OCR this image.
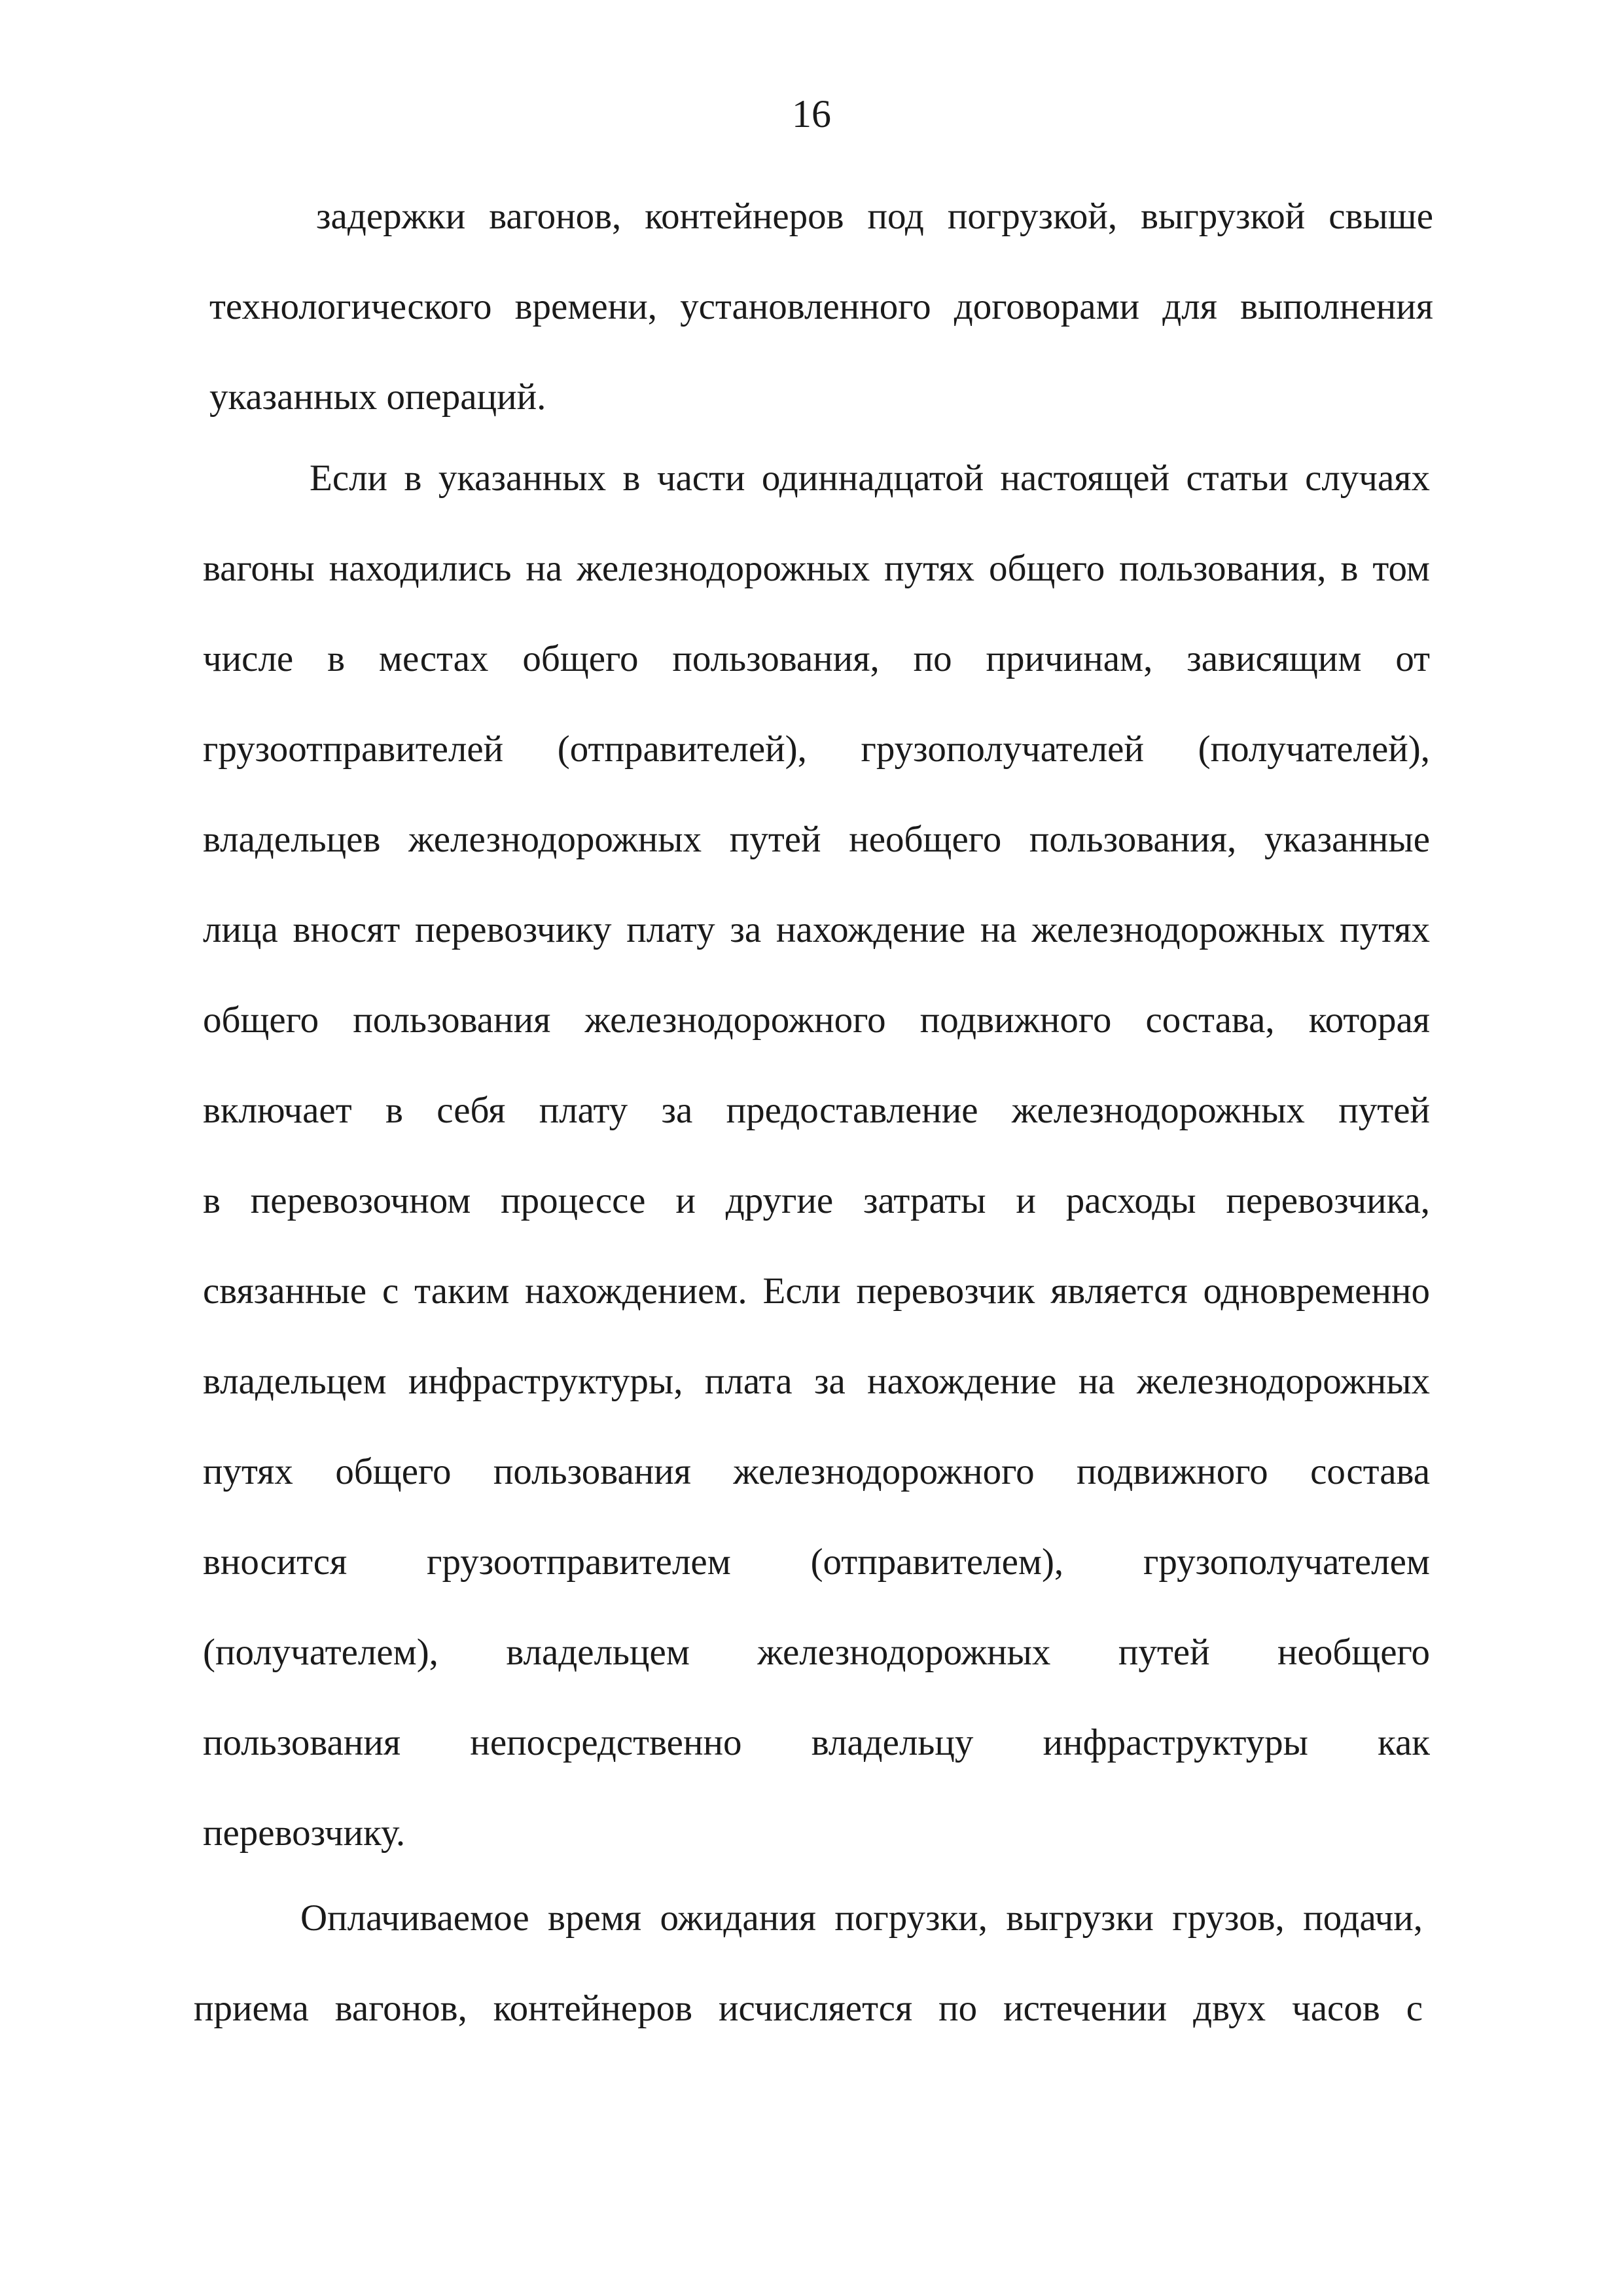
16
задержки вагонов, контейнеров под погрузкой, выгрузкой свыше
технологического времени, установленного договорами для выполнения
указанных операций.
Если в указанных в части одиннадцатой настоящей статьи случаях
вагоны находились на железнодорожных путях общего пользования, в том
числе в местах общего пользования, по причинам, зависящим от
грузоотправителей (отправителей), грузополучателей (получателей),
владельцев железнодорожных путей необщего пользования, указанные
лица вносят перевозчику плату за нахождение на железнодорожных путях
общего пользования железнодорожного подвижного состава, которая
включает в себя плату за предоставление железнодорожных путей
в перевозочном процессе и другие затраты и расходы перевозчика,
связанные с таким нахождением. Если перевозчик является одновременно
владельцем инфраструктуры, плата за нахождение на железнодорожных
путях общего пользования железнодорожного подвижного состава
вносится грузоотправителем (отправителем), грузополучателем
(получателем), владельцем железнодорожных путей необщего
пользования непосредственно владельцу инфраструктуры как
перевозчику.
Оплачиваемое время ожидания погрузки, выгрузки грузов, подачи,
приема вагонов, контейнеров исчисляется по истечении двух часов с
